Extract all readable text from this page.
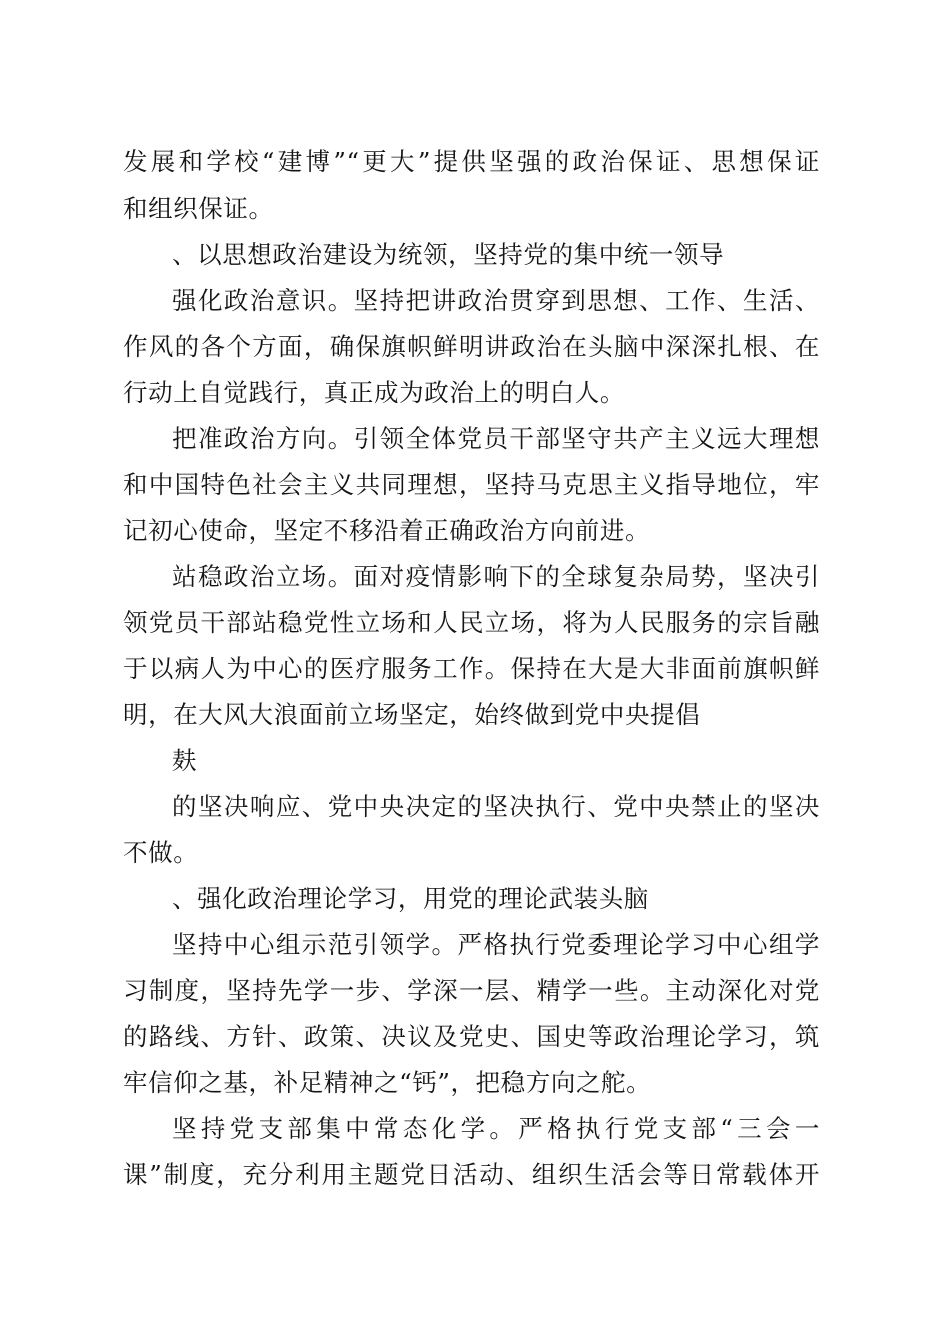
发展和学校“建博”“更大”提供坚强的政治保证、思想保证
和组织保证。
、以思想政治建设为统领，坚持党的集中统一领导
强化政治意识。坚持把讲政治贯穿到思想、工作、生活、
作风的各个方面，确保旗帜鲜明讲政治在头脑中深深扎根、在
行动上自觉践行，真正成为政治上的明白人。
把准政治方向。引领全体党员干部坚守共产主义远大理想
和中国特色社会主义共同理想，坚持马克思主义指导地位，牢
记初心使命，坚定不移沿着正确政治方向前进。
站稳政治立场。面对疫情影响下的全球复杂局势，坚决引
领党员干部站稳党性立场和人民立场，将为人民服务的宗旨融
于以病人为中心的医疗服务工作。保持在大是大非面前旗帜鲜
明，在大风大浪面前立场坚定，始终做到党中央提倡
麸
的坚决响应、党中央决定的坚决执行、党中央禁止的坚决
不做。
、强化政治理论学习，用党的理论武装头脑
坚持中心组示范引领学。严格执行党委理论学习中心组学
习制度，坚持先学一步、学深一层、精学一些。主动深化对党
的路线、方针、政策、决议及党史、国史等政治理论学习，筑
牢信仰之基，补足精神之“钙”，把稳方向之舵。
坚持党支部集中常态化学。严格执行党支部“三会一
课”制度，充分利用主题党日活动、组织生活会等日常载体开
